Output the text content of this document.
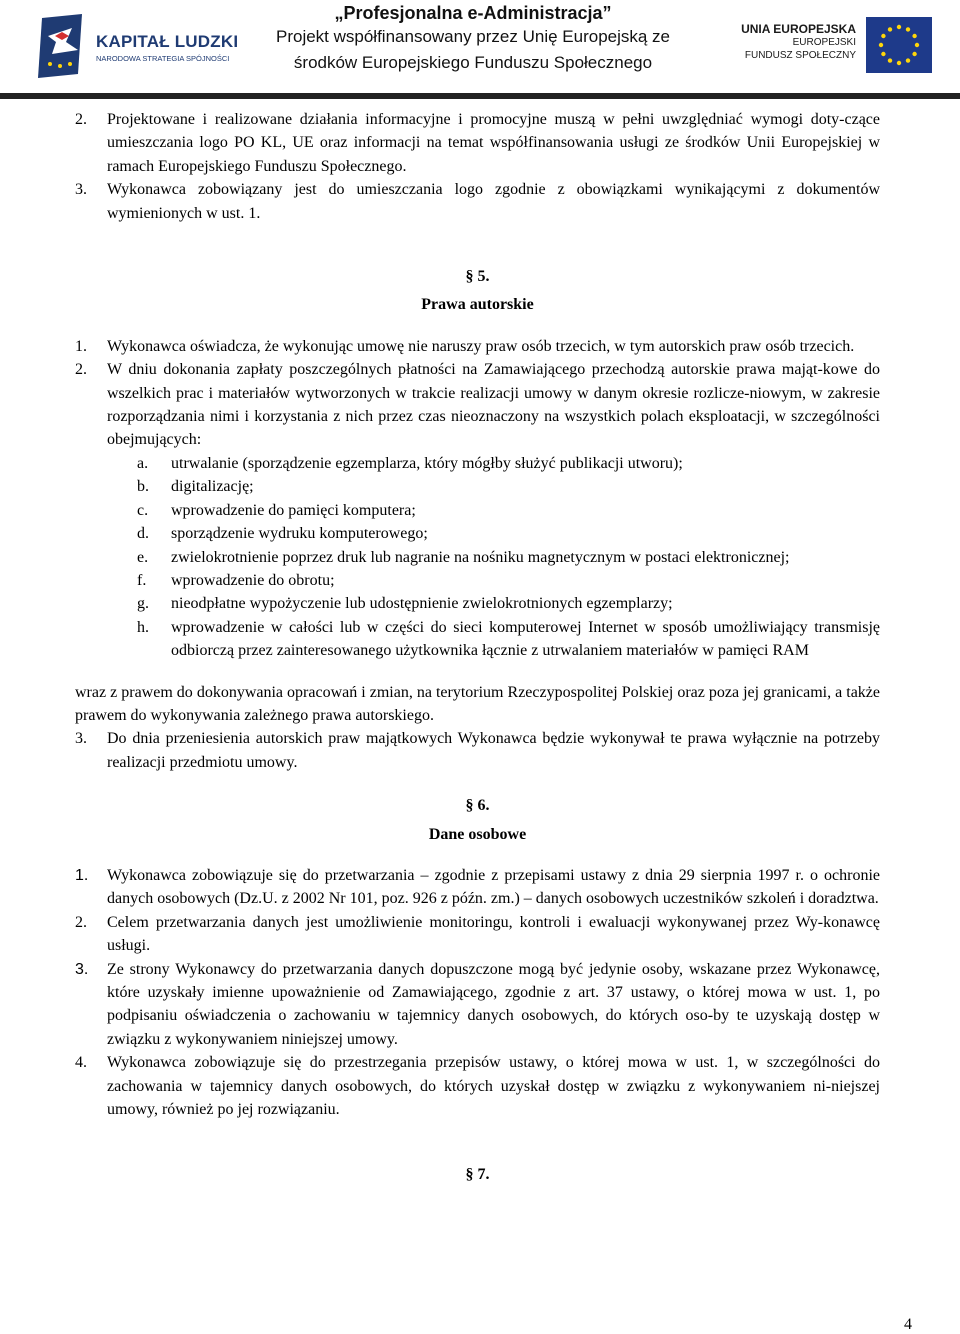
KAPITAŁ LUDZKI
NARODOWA STRATEGIA SPÓJNOŚCI
„Profesjonalna e-Administracja”
Projekt współfinansowany przez Unię Europejską ze
środków Europejskiego Funduszu Społecznego
UNIA EUROPEJSKA
EUROPEJSKI
FUNDUSZ SPOŁECZNY
2.	Projektowane i realizowane działania informacyjne i promocyjne muszą w pełni uwzględniać wymogi doty-czące umieszczania logo PO KL, UE oraz informacji na temat współfinansowania usługi ze środków Unii Europejskiej w ramach Europejskiego Funduszu Społecznego.
3.	Wykonawca zobowiązany jest do umieszczania logo zgodnie z obowiązkami wynikającymi z dokumentów wymienionych w ust. 1.
§ 5.
Prawa autorskie
1.	Wykonawca oświadcza, że wykonując umowę nie naruszy praw osób trzecich, w tym autorskich praw osób trzecich.
2.	W dniu dokonania zapłaty poszczególnych płatności na Zamawiającego przechodzą autorskie prawa mająt-kowe do wszelkich prac i materiałów wytworzonych w trakcie realizacji umowy w danym okresie rozlicze-niowym, w zakresie rozporządzania nimi i korzystania z nich przez czas nieoznaczony na wszystkich polach eksploatacji, w szczególności obejmujących:
a.	utrwalanie (sporządzenie egzemplarza, który mógłby służyć publikacji utworu);
b.	digitalizację;
c.	wprowadzenie do pamięci komputera;
d.	sporządzenie wydruku komputerowego;
e.	zwielokrotnienie poprzez druk lub nagranie na nośniku magnetycznym w postaci elektronicznej;
f.	wprowadzenie do obrotu;
g.	nieodpłatne wypożyczenie lub udostępnienie zwielokrotnionych egzemplarzy;
h.	wprowadzenie w całości lub w części do sieci komputerowej Internet w sposób umożliwiający transmisję odbiorczą przez zainteresowanego użytkownika łącznie z utrwalaniem materiałów w pamięci RAM
wraz z prawem do dokonywania opracowań i zmian, na terytorium Rzeczypospolitej Polskiej oraz poza jej granicami, a także prawem do wykonywania zależnego prawa autorskiego.
3.	Do dnia przeniesienia autorskich praw majątkowych Wykonawca będzie wykonywał te prawa wyłącznie na potrzeby realizacji przedmiotu umowy.
§ 6.
Dane osobowe
1.	Wykonawca zobowiązuje się do przetwarzania – zgodnie z przepisami ustawy z dnia 29 sierpnia 1997 r. o ochronie danych osobowych (Dz.U. z 2002 Nr 101, poz. 926 z późn. zm.) – danych osobowych uczestników szkoleń i doradztwa.
2.	Celem przetwarzania danych jest umożliwienie monitoringu, kontroli i ewaluacji wykonywanej przez Wy-konawcę usługi.
3.	Ze strony Wykonawcy do przetwarzania danych dopuszczone mogą być jedynie osoby, wskazane przez Wykonawcę, które uzyskały imienne upoważnienie od Zamawiającego, zgodnie z art. 37 ustawy, o której mowa w ust. 1, po podpisaniu oświadczenia o zachowaniu w tajemnicy danych osobowych, do których oso-by te uzyskają dostęp w związku z wykonywaniem niniejszej umowy.
4.	Wykonawca zobowiązuje się do przestrzegania przepisów ustawy, o której mowa w ust. 1, w szczególności do zachowania w tajemnicy danych osobowych, do których uzyskał dostęp w związku z wykonywaniem ni-niejszej umowy, również po jej rozwiązaniu.
§ 7.
4
